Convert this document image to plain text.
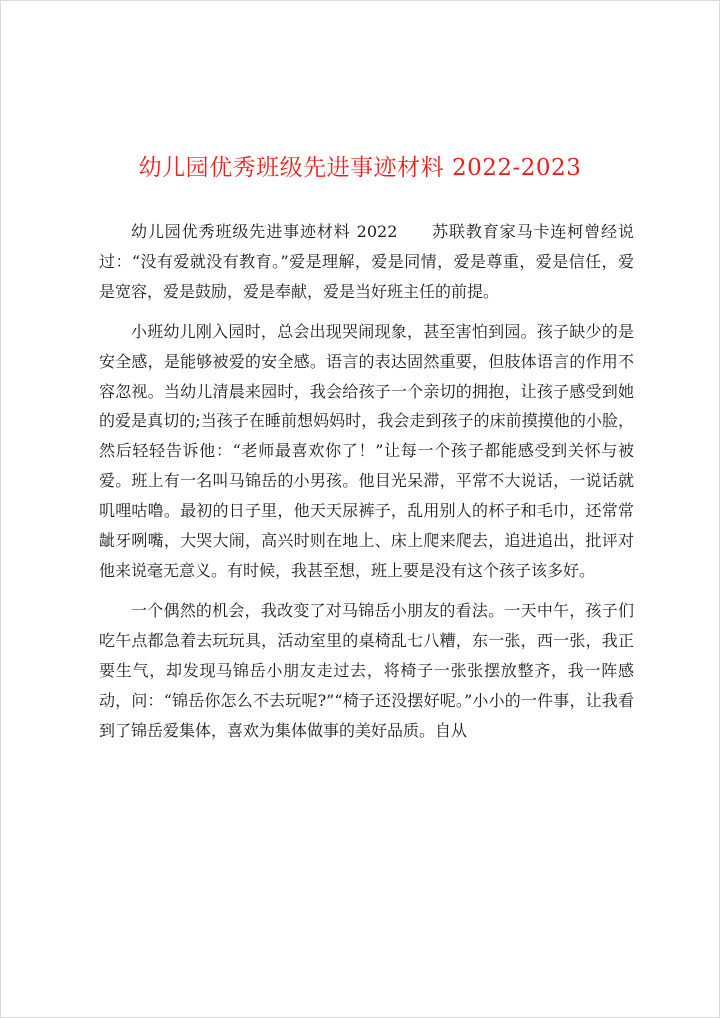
幼儿园优秀班级先进事迹材料 2022-2023

幼儿园优秀班级先进事迹材料 2022　　苏联教育家马卡连柯曾经说过：“没有爱就没有教育。”爱是理解，爱是同情，爱是尊重，爱是信任，爱是宽容，爱是鼓励，爱是奉献，爱是当好班主任的前提。

小班幼儿刚入园时，总会出现哭闹现象，甚至害怕到园。孩子缺少的是安全感，是能够被爱的安全感。语言的表达固然重要，但肢体语言的作用不容忽视。当幼儿清晨来园时，我会给孩子一个亲切的拥抱，让孩子感受到她的爱是真切的;当孩子在睡前想妈妈时，我会走到孩子的床前摸摸他的小脸，然后轻轻告诉他：“老师最喜欢你了！”让每一个孩子都能感受到关怀与被爱。班上有一名叫马锦岳的小男孩。他目光呆滞，平常不大说话，一说话就叽哩咕噜。最初的日子里，他天天尿裤子，乱用别人的杯子和毛巾，还常常龇牙咧嘴，大哭大闹，高兴时则在地上、床上爬来爬去，追进追出，批评对他来说毫无意义。有时候，我甚至想，班上要是没有这个孩子该多好。

一个偶然的机会，我改变了对马锦岳小朋友的看法。一天中午，孩子们吃午点都急着去玩玩具，活动室里的桌椅乱七八糟，东一张，西一张，我正要生气，却发现马锦岳小朋友走过去，将椅子一张张摆放整齐，我一阵感动，问：“锦岳你怎么不去玩呢?”“椅子还没摆好呢。”小小的一件事，让我看到了锦岳爱集体，喜欢为集体做事的美好品质。自从
